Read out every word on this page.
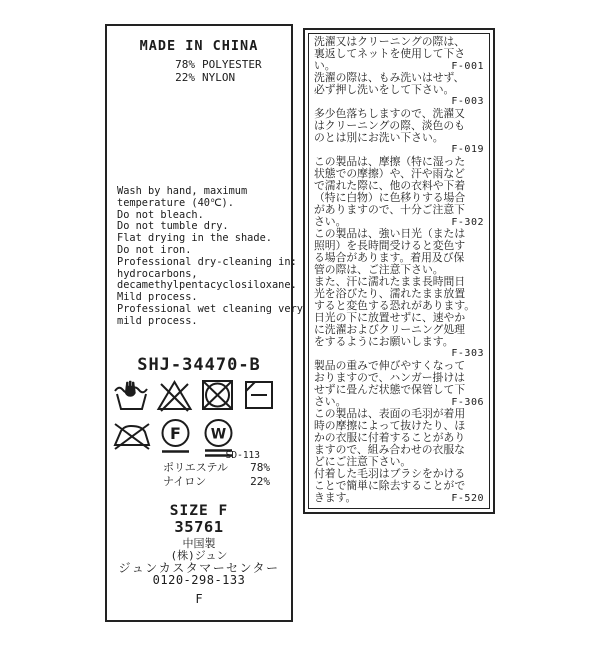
MADE IN CHINA
78% POLYESTER
22% NYLON
Wash by hand, maximum
temperature (40℃).
Do not bleach.
Do not tumble dry.
Flat drying in the shade.
Do not iron.
Professional dry-cleaning in:
hydrocarbons,
decamethylpentacyclosiloxane.
Mild process.
Professional wet cleaning very
mild process.
SHJ-34470-B
F W
SD-113
ポリエステル 78%
ナイロン	22%
SIZE F
35761
中国製
(株)ジュン
ジュンカスタマーセンター
0120-298-133
F
洗濯又はクリーニングの際は、
裏返してネットを使用して下さ
い。	F-001
洗濯の際は、もみ洗いはせず、
必ず押し洗いをして下さい。
F-003
多少色落ちしますので、洗濯又
はクリーニングの際、淡色のも
のとは別にお洗い下さい。
F-019
この製品は、摩擦（特に湿った
状態での摩擦）や、汗や雨など
で濡れた際に、他の衣料や下着
（特に白物）に色移りする場合
がありますので、十分ご注意下
さい。	F-302
この製品は、強い日光（または
照明）を長時間受けると変色す
る場合があります。着用及び保
管の際は、ご注意下さい。
また、汗に濡れたまま長時間日
光を浴びたり、濡れたまま放置
すると変色する恐れがあります。
日光の下に放置せずに、速やか
に洗濯およびクリーニング処理
をするようにお願いします。
F-303
製品の重みで伸びやすくなって
おりますので、ハンガー掛けは
せずに畳んだ状態で保管して下
さい。	F-306
この製品は、表面の毛羽が着用
時の摩擦によって抜けたり、ほ
かの衣服に付着することがあり
ますので、組み合わせの衣服な
どにご注意下さい。
付着した毛羽はブラシをかける
ことで簡単に除去することがで
きます。	F-520
